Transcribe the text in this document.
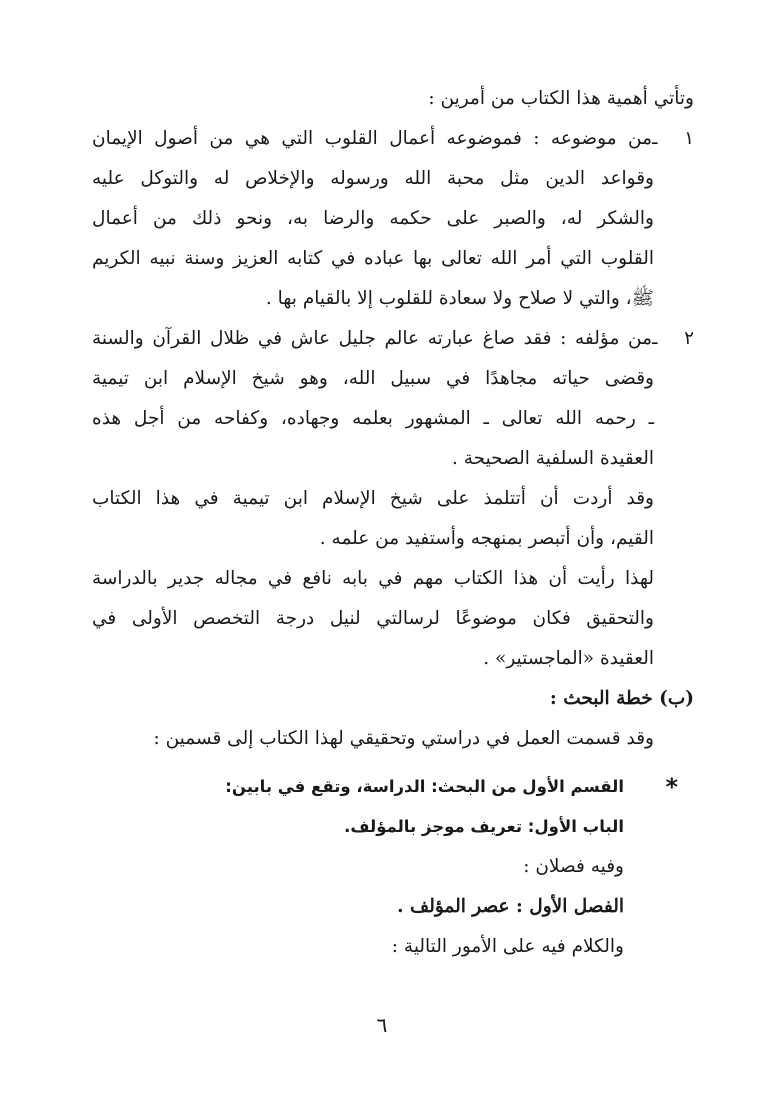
وتأتي أهمية هذا الكتاب من أمرين :
١ ـمن موضوعه : فموضوعه أعمال القلوب التي هي من أصول الإيمان
وقواعد الدين مثل محبة الله ورسوله والإخلاص له والتوكل عليه
والشكر له، والصبر على حكمه والرضا به، ونحو ذلك من أعمال
القلوب التي أمر الله تعالى بها عباده في كتابه العزيز وسنة نبيه الكريم
ﷺ، والتي لا صلاح ولا سعادة للقلوب إلا بالقيام بها .
٢ ـمن مؤلفه : فقد صاغ عبارته عالم جليل عاش في ظلال القرآن والسنة
وقضى حياته مجاهدًا في سبيل الله، وهو شيخ الإسلام ابن تيمية
ـ رحمه الله تعالى ـ المشهور بعلمه وجهاده، وكفاحه من أجل هذه
العقيدة السلفية الصحيحة .
وقد أردت أن أتتلمذ على شيخ الإسلام ابن تيمية في هذا الكتاب
القيم، وأن أتبصر بمنهجه وأستفيد من علمه .
لهذا رأيت أن هذا الكتاب مهم في بابه نافع في مجاله جدير بالدراسة
والتحقيق فكان موضوعًا لرسالتي لنيل درجة التخصص الأولى في
العقيدة «الماجستير» .
(ب) خطة البحث :
وقد قسمت العمل في دراستي وتحقيقي لهذا الكتاب إلى قسمين :
*
القسم الأول من البحث: الدراسة، وتقع في بابين:
الباب الأول: تعريف موجز بالمؤلف.
وفيه فصلان :
الفصل الأول : عصر المؤلف .
والكلام فيه على الأمور التالية :
٦
